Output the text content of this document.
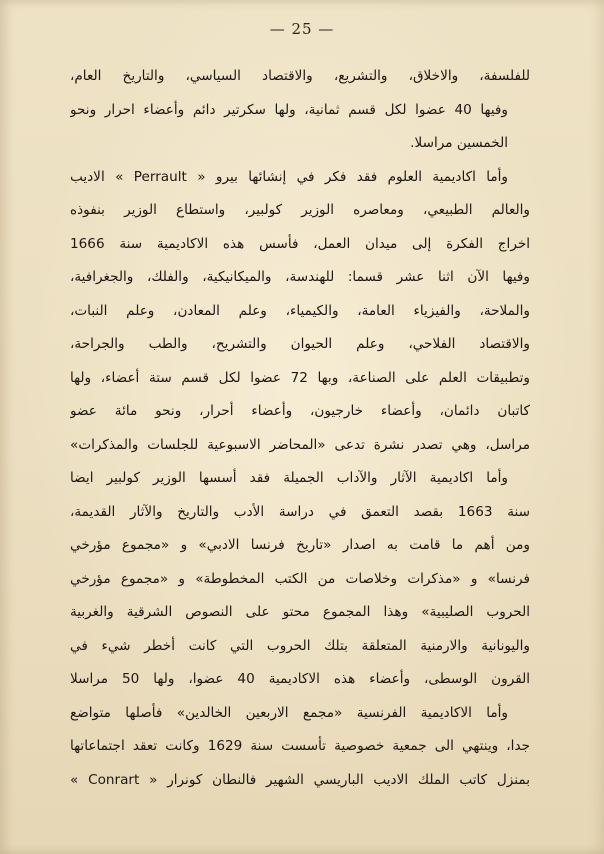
— 25 —
للفلسفة، والاخلاق، والتشريع، والاقتصاد السياسي، والتاريخ العام،
وفيها 40 عضوا لكل قسم ثمانية، ولها سكرتير دائم وأعضاء احرار ونحو
الخمسين مراسلا.
وأما اكاديمية العلوم فقد فكر في إنشائها بيرو « Perrault » الاديب
والعالم الطبيعي، ومعاصره الوزير كولبير، واستطاع الوزير بنفوذه
اخراج الفكرة إلى ميدان العمل، فأسس هذه الاكاديمية سنة 1666
وفيها الآن اثنا عشر قسما: للهندسة، والميكانيكية، والفلك، والجغرافية،
والملاحة، والفيزياء العامة، والكيمياء، وعلم المعادن، وعلم النبات،
والاقتصاد الفلاحي، وعلم الحيوان والتشريح، والطب والجراحة،
وتطبيقات العلم على الصناعة، وبها 72 عضوا لكل قسم ستة أعضاء، ولها
كاتبان دائمان، وأعضاء خارجيون، وأعضاء أحرار، ونحو مائة عضو
مراسل، وهي تصدر نشرة تدعى «المحاضر الاسبوعية للجلسات والمذكرات»
وأما اكاديمية الآثار والآداب الجميلة فقد أسسها الوزير كولبير ايضا
سنة 1663 بقصد التعمق في دراسة الأدب والتاريخ والآثار القديمة،
ومن أهم ما قامت به اصدار «تاريخ فرنسا الادبي» و «مجموع مؤرخي
فرنسا» و «مذكرات وخلاصات من الكتب المخطوطة» و «مجموع مؤرخي
الحروب الصليبية» وهذا المجموع محتو على النصوص الشرقية والغربية
واليونانية والارمنية المتعلقة بتلك الحروب التي كانت أخطر شيء في
القرون الوسطى، وأعضاء هذه الاكاديمية 40 عضوا، ولها 50 مراسلا
وأما الاكاديمية الفرنسية «مجمع الاربعين الخالدين» فأصلها متواضع
جدا، وينتهي الى جمعية خصوصية تأسست سنة 1629 وكانت تعقد اجتماعاتها
بمنزل كاتب الملك الاديب الباريسي الشهير فالنطان كونرار « Conrart »
